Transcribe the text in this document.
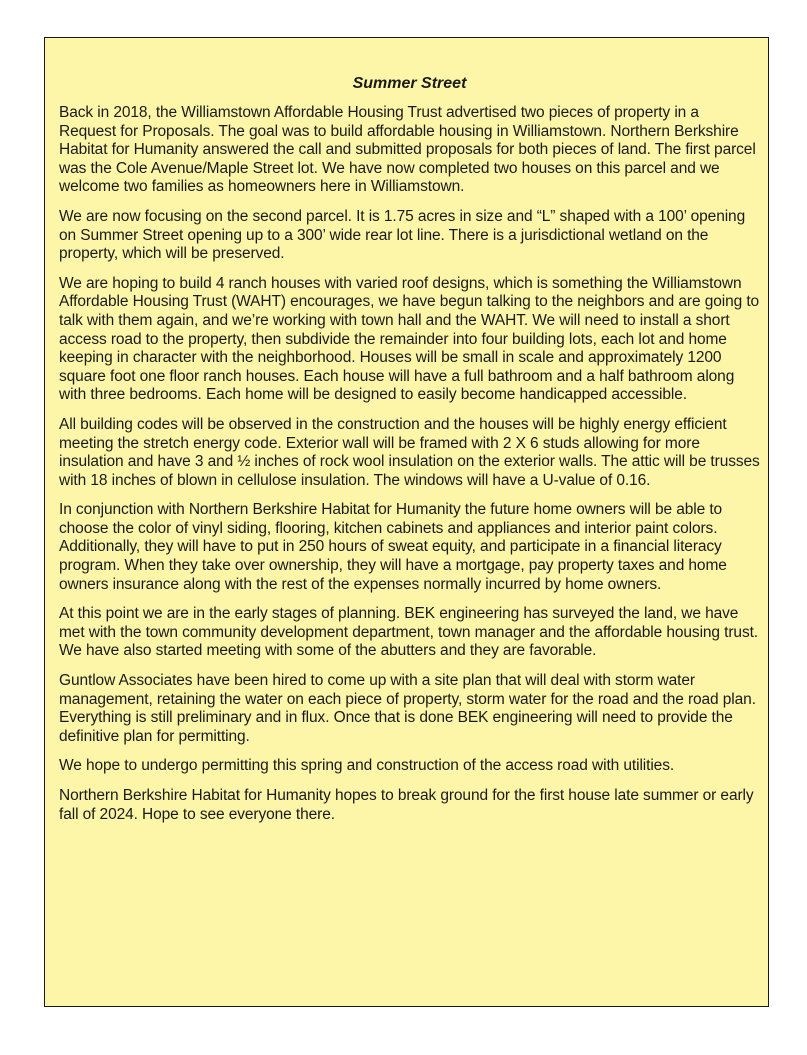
Summer Street

Back in 2018, the Williamstown Affordable Housing Trust advertised two pieces of property in a Request for Proposals. The goal was to build affordable housing in Williamstown. Northern Berkshire Habitat for Humanity answered the call and submitted proposals for both pieces of land. The first parcel was the Cole Avenue/Maple Street lot. We have now completed two houses on this parcel and we welcome two families as homeowners here in Williamstown.

We are now focusing on the second parcel. It is 1.75 acres in size and “L” shaped with a 100’ opening on Summer Street opening up to a 300’ wide rear lot line. There is a jurisdictional wetland on the property, which will be preserved.

We are hoping to build 4 ranch houses with varied roof designs, which is something the Williamstown Affordable Housing Trust (WAHT) encourages, we have begun talking to the neighbors and are going to talk with them again, and we’re working with town hall and the WAHT. We will need to install a short access road to the property, then subdivide the remainder into four building lots, each lot and home keeping in character with the neighborhood. Houses will be small in scale and approximately 1200 square foot one floor ranch houses. Each house will have a full bathroom and a half bathroom along with three bedrooms. Each home will be designed to easily become handicapped accessible.

All building codes will be observed in the construction and the houses will be highly energy efficient meeting the stretch energy code. Exterior wall will be framed with 2 X 6 studs allowing for more insulation and have 3 and ½ inches of rock wool insulation on the exterior walls. The attic will be trusses with 18 inches of blown in cellulose insulation. The windows will have a U-value of 0.16.

In conjunction with Northern Berkshire Habitat for Humanity the future home owners will be able to choose the color of vinyl siding, flooring, kitchen cabinets and appliances and interior paint colors. Additionally, they will have to put in 250 hours of sweat equity, and participate in a financial literacy program. When they take over ownership, they will have a mortgage, pay property taxes and home owners insurance along with the rest of the expenses normally incurred by home owners.

At this point we are in the early stages of planning. BEK engineering has surveyed the land, we have met with the town community development department, town manager and the affordable housing trust. We have also started meeting with some of the abutters and they are favorable.

Guntlow Associates have been hired to come up with a site plan that will deal with storm water management, retaining the water on each piece of property, storm water for the road and the road plan. Everything is still preliminary and in flux. Once that is done BEK engineering will need to provide the definitive plan for permitting.

We hope to undergo permitting this spring and construction of the access road with utilities.

Northern Berkshire Habitat for Humanity hopes to break ground for the first house late summer or early fall of 2024. Hope to see everyone there.
